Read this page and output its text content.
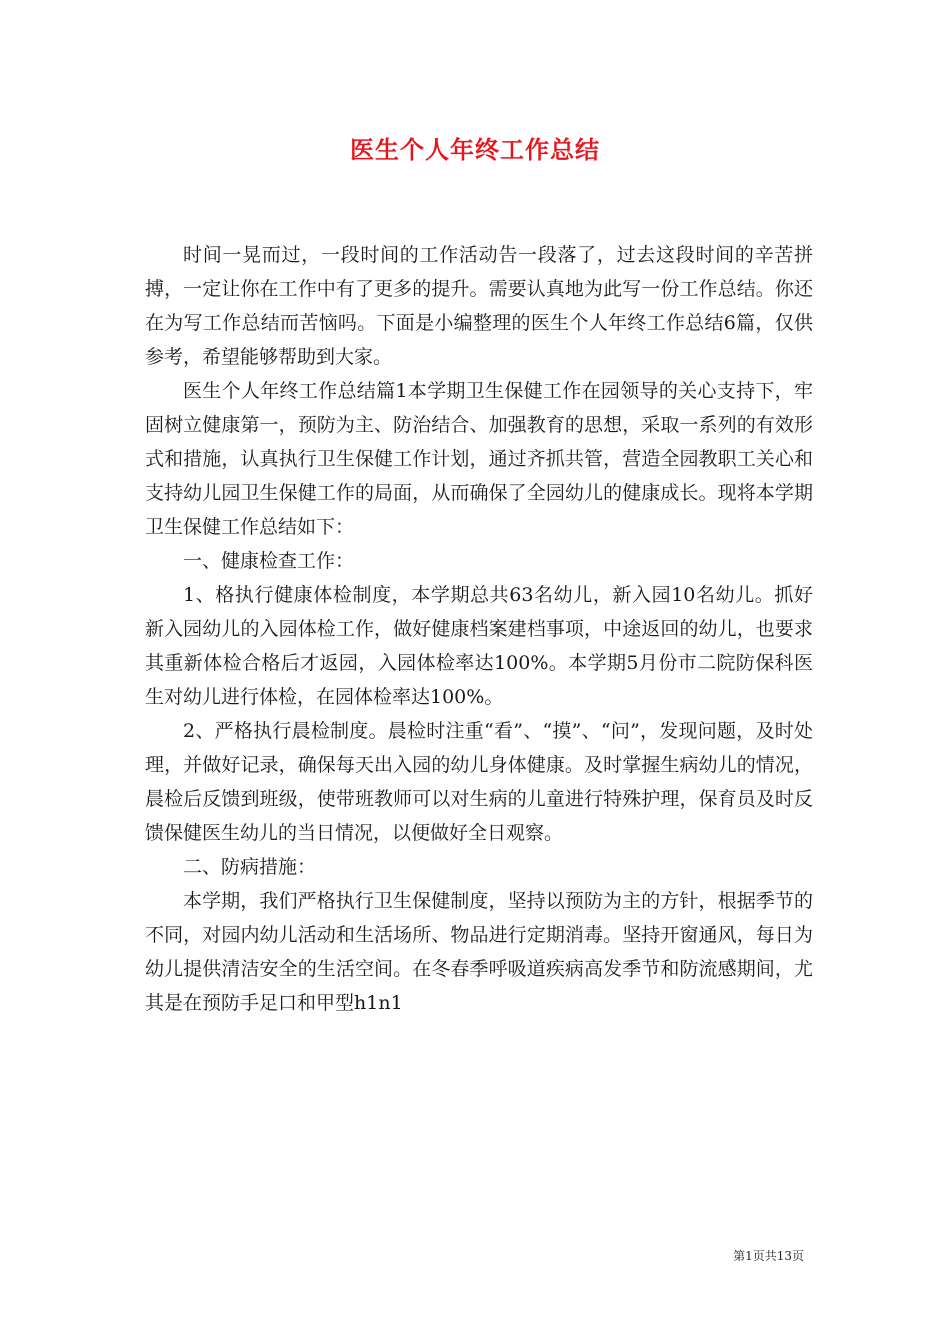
医生个人年终工作总结

时间一晃而过，一段时间的工作活动告一段落了，过去这段时间的辛苦拼搏，一定让你在工作中有了更多的提升。需要认真地为此写一份工作总结。你还在为写工作总结而苦恼吗。下面是小编整理的医生个人年终工作总结6篇，仅供参考，希望能够帮助到大家。

医生个人年终工作总结篇1本学期卫生保健工作在园领导的关心支持下，牢固树立健康第一，预防为主、防治结合、加强教育的思想，采取一系列的有效形式和措施，认真执行卫生保健工作计划，通过齐抓共管，营造全园教职工关心和支持幼儿园卫生保健工作的局面，从而确保了全园幼儿的健康成长。现将本学期卫生保健工作总结如下：

一、健康检查工作：

1、格执行健康体检制度，本学期总共63名幼儿，新入园10名幼儿。抓好新入园幼儿的入园体检工作，做好健康档案建档事项，中途返回的幼儿，也要求其重新体检合格后才返园，入园体检率达100%。本学期5月份市二院防保科医生对幼儿进行体检，在园体检率达100%。

2、严格执行晨检制度。晨检时注重“看”、“摸”、“问”，发现问题，及时处理，并做好记录，确保每天出入园的幼儿身体健康。及时掌握生病幼儿的情况，晨检后反馈到班级，使带班教师可以对生病的儿童进行特殊护理，保育员及时反馈保健医生幼儿的当日情况，以便做好全日观察。

二、防病措施：

本学期，我们严格执行卫生保健制度，坚持以预防为主的方针，根据季节的不同，对园内幼儿活动和生活场所、物品进行定期消毒。坚持开窗通风，每日为幼儿提供清洁安全的生活空间。在冬春季呼吸道疾病高发季节和防流感期间，尤其是在预防手足口和甲型h1n1

第1页共13页
